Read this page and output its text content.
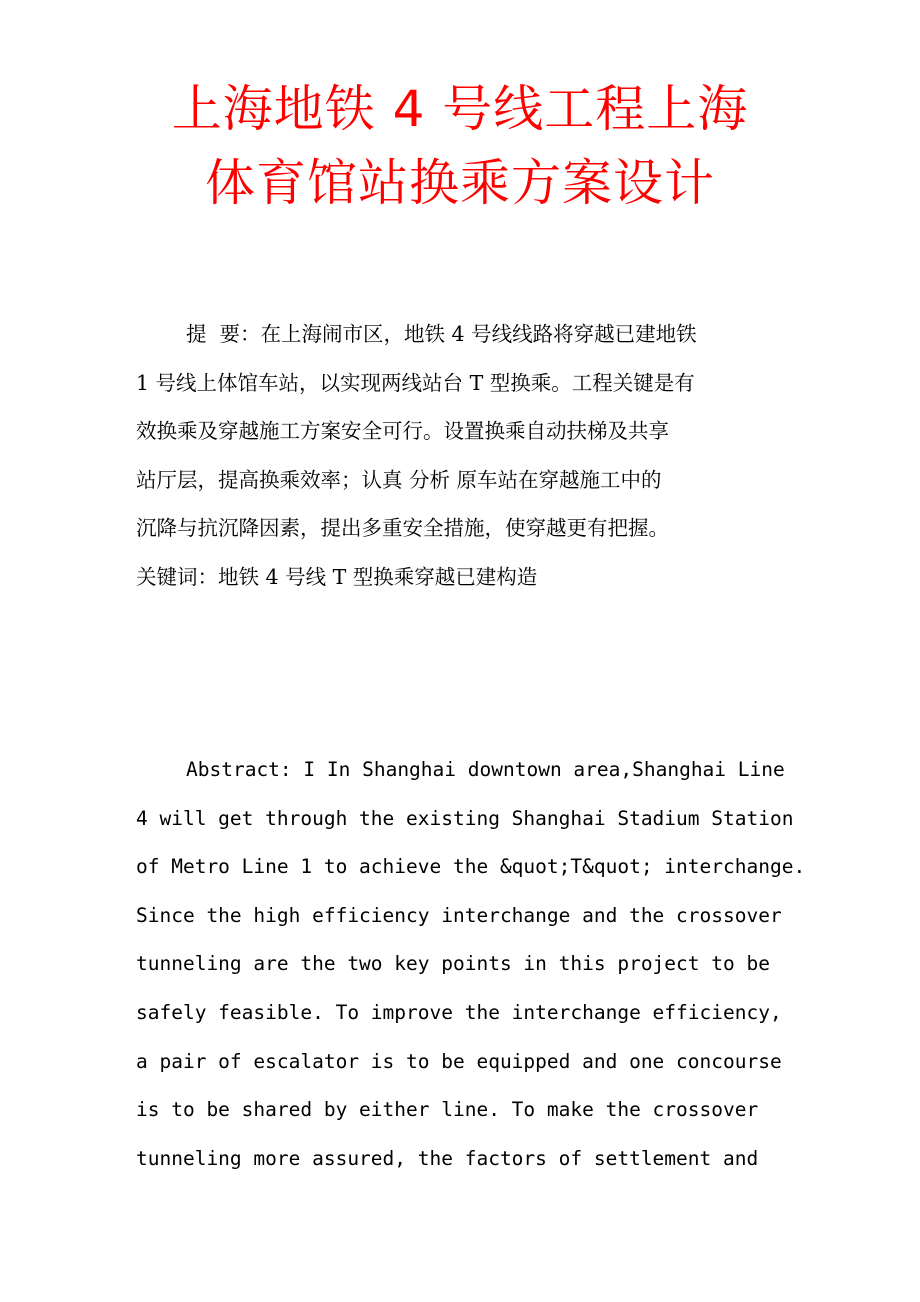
上海地铁 4 号线工程上海
体育馆站换乘方案设计
提  要：在上海闹市区，地铁 4 号线线路将穿越已建地铁
1 号线上体馆车站，以实现两线站台 T 型换乘。工程关键是有
效换乘及穿越施工方案安全可行。设置换乘自动扶梯及共享
站厅层，提高换乘效率；认真 分析 原车站在穿越施工中的
沉降与抗沉降因素，提出多重安全措施，使穿越更有把握。
关键词：地铁 4 号线 T 型换乘穿越已建构造
Abstract: I In Shanghai downtown area,Shanghai Line
4 will get through the existing Shanghai Stadium Station
of Metro Line 1 to achieve the &quot;T&quot; interchange.
Since the high efficiency interchange and the crossover
tunneling are the two key points in this project to be
safely feasible. To improve the interchange efficiency,
a pair of escalator is to be equipped and one concourse
is to be shared by either line. To make the crossover
tunneling more assured, the factors of settlement and
